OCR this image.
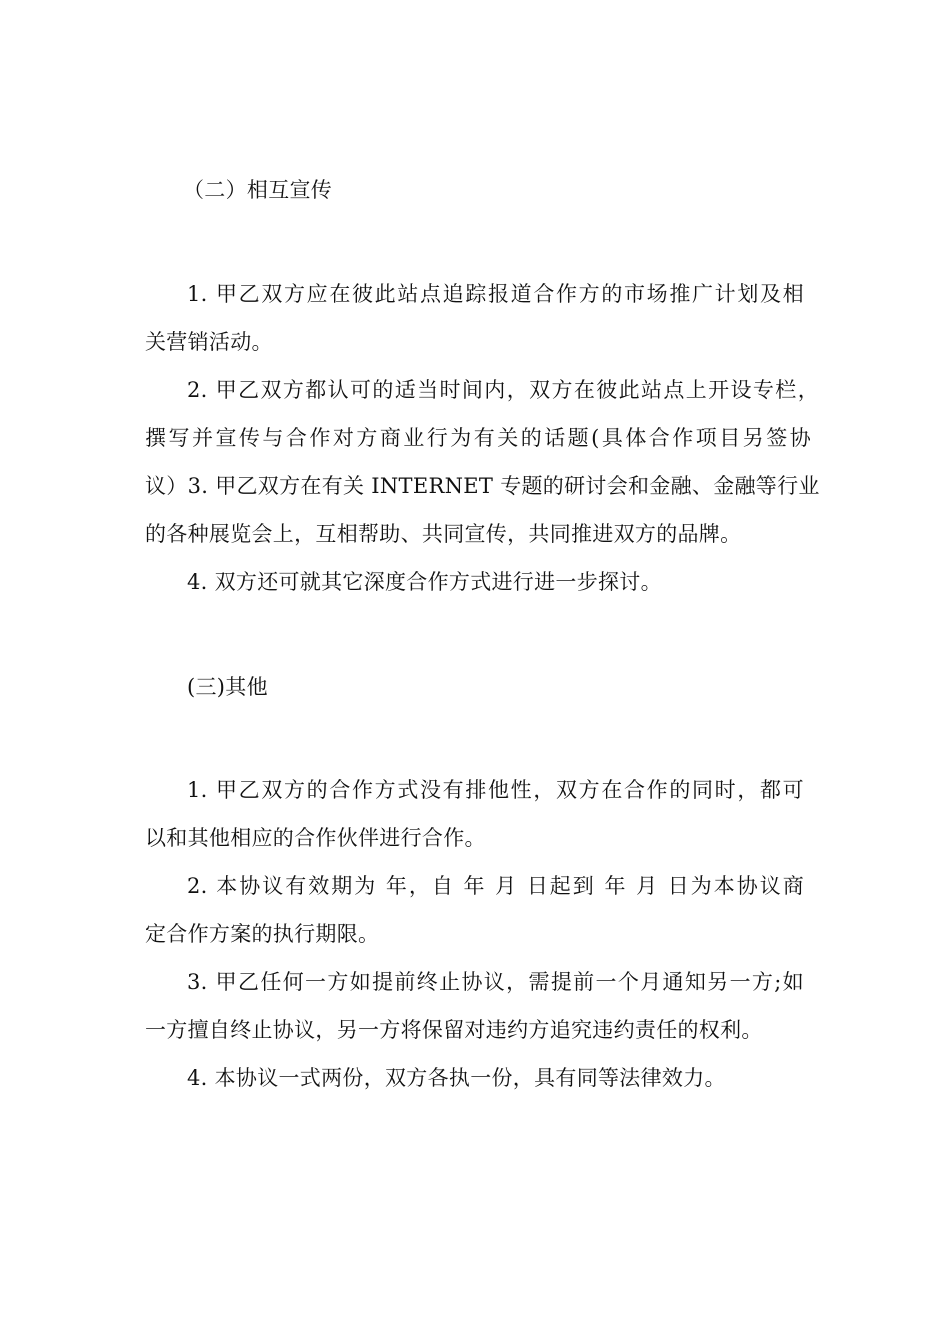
（二）相互宣传
1. 甲乙双方应在彼此站点追踪报道合作方的市场推广计划及相
关营销活动。
2. 甲乙双方都认可的适当时间内，双方在彼此站点上开设专栏，
撰写并宣传与合作对方商业行为有关的话题(具体合作项目另签协
议）3. 甲乙双方在有关 INTERNET 专题的研讨会和金融、金融等行业
的各种展览会上，互相帮助、共同宣传，共同推进双方的品牌。
4. 双方还可就其它深度合作方式进行进一步探讨。
(三)其他
1. 甲乙双方的合作方式没有排他性，双方在合作的同时，都可
以和其他相应的合作伙伴进行合作。
2. 本协议有效期为 年，自 年 月 日起到 年 月 日为本协议商
定合作方案的执行期限。
3. 甲乙任何一方如提前终止协议，需提前一个月通知另一方;如
一方擅自终止协议，另一方将保留对违约方追究违约责任的权利。
4. 本协议一式两份，双方各执一份，具有同等法律效力。
